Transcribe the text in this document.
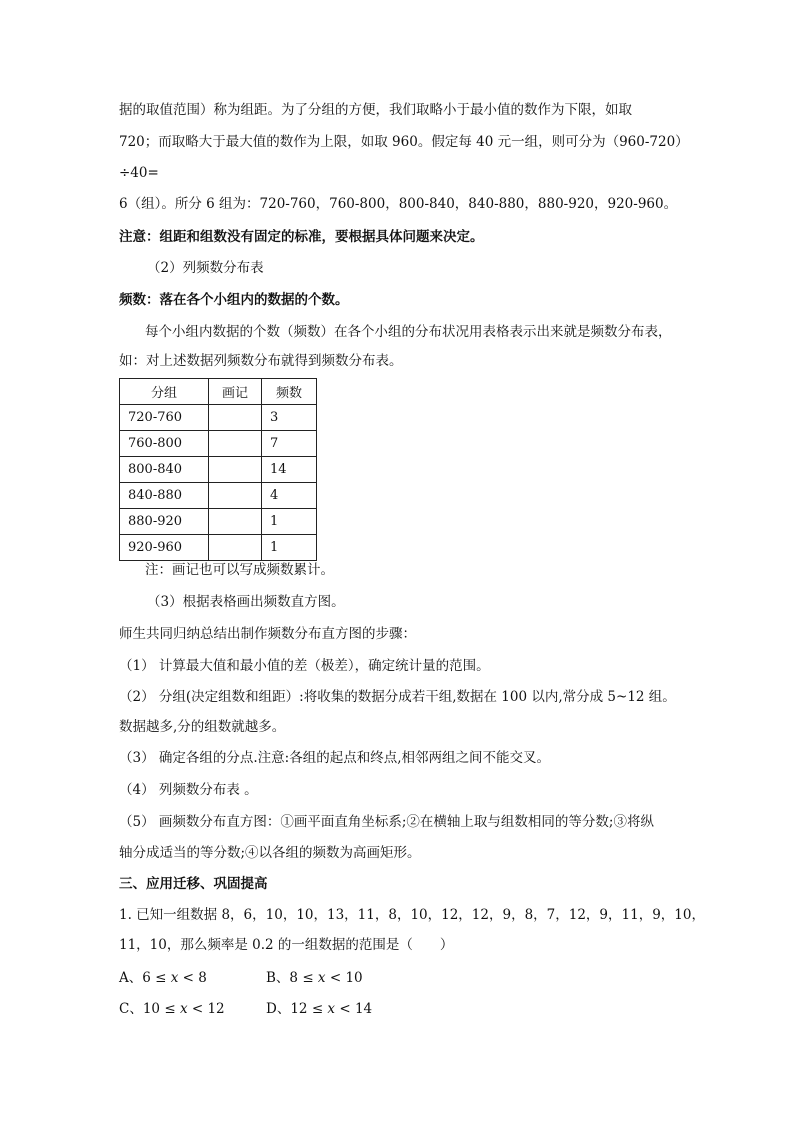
据的取值范围）称为组距。为了分组的方便，我们取略小于最小值的数作为下限，如取
720；而取略大于最大值的数作为上限，如取 960。假定每 40 元一组，则可分为（960-720）
÷40=
6（组）。所分 6 组为：720-760，760-800，800-840，840-880，880-920，920-960。
注意：组距和组数没有固定的标准，要根据具体问题来决定。
（2）列频数分布表
频数：落在各个小组内的数据的个数。
每个小组内数据的个数（频数）在各个小组的分布状况用表格表示出来就是频数分布表，
如：对上述数据列频数分布就得到频数分布表。
分组	画记	频数
720-760		3
760-800		7
800-840		14
840-880		4
880-920		1
920-960		1
注：画记也可以写成频数累计。
（3）根据表格画出频数直方图。
师生共同归纳总结出制作频数分布直方图的步骤：
（1） 计算最大值和最小值的差（极差），确定统计量的范围。
（2） 分组(决定组数和组距）:将收集的数据分成若干组,数据在 100 以内,常分成 5~12 组。
数据越多,分的组数就越多。
（3） 确定各组的分点.注意:各组的起点和终点,相邻两组之间不能交叉。
（4） 列频数分布表 。
（5） 画频数分布直方图：①画平面直角坐标系;②在横轴上取与组数相同的等分数;③将纵
轴分成适当的等分数;④以各组的频数为高画矩形。
三、应用迁移、巩固提高
1. 已知一组数据 8，6，10，10，13，11，8，10，12，12，9，8，7，12，9，11，9，10，
11，10，那么频率是 0.2 的一组数据的范围是（　　）
A、6 ≤ x < 8	B、8 ≤ x < 10
C、10 ≤ x < 12	D、12 ≤ x < 14
